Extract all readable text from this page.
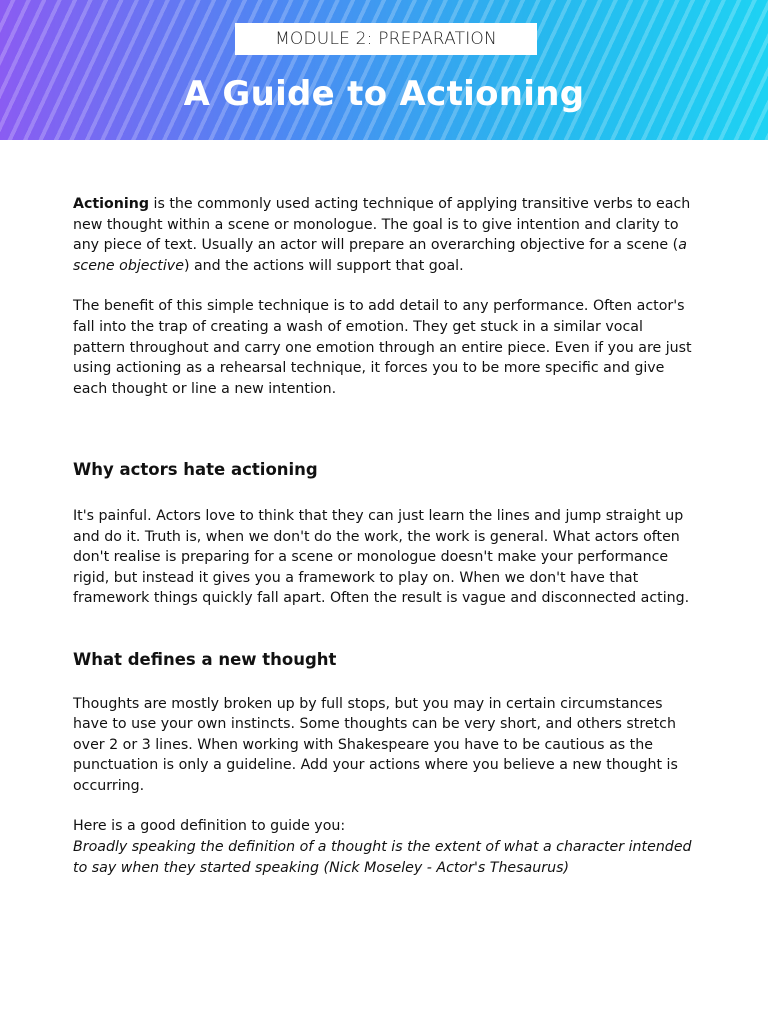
MODULE 2: PREPARATION
A Guide to Actioning

Actioning is the commonly used acting technique of applying transitive verbs to each new thought within a scene or monologue. The goal is to give intention and clarity to any piece of text. Usually an actor will prepare an overarching objective for a scene (a scene objective) and the actions will support that goal.

The benefit of this simple technique is to add detail to any performance. Often actor's fall into the trap of creating a wash of emotion. They get stuck in a similar vocal pattern throughout and carry one emotion through an entire piece. Even if you are just using actioning as a rehearsal technique, it forces you to be more specific and give each thought or line a new intention.

Why actors hate actioning

It's painful. Actors love to think that they can just learn the lines and jump straight up and do it. Truth is, when we don't do the work, the work is general. What actors often don't realise is preparing for a scene or monologue doesn't make your performance rigid, but instead it gives you a framework to play on. When we don't have that framework things quickly fall apart. Often the result is vague and disconnected acting.

What defines a new thought

Thoughts are mostly broken up by full stops, but you may in certain circumstances have to use your own instincts. Some thoughts can be very short, and others stretch over 2 or 3 lines. When working with Shakespeare you have to be cautious as the punctuation is only a guideline. Add your actions where you believe a new thought is occurring.

Here is a good definition to guide you:

Broadly speaking the definition of a thought is the extent of what a character intended to say when they started speaking (Nick Moseley - Actor's Thesaurus)
